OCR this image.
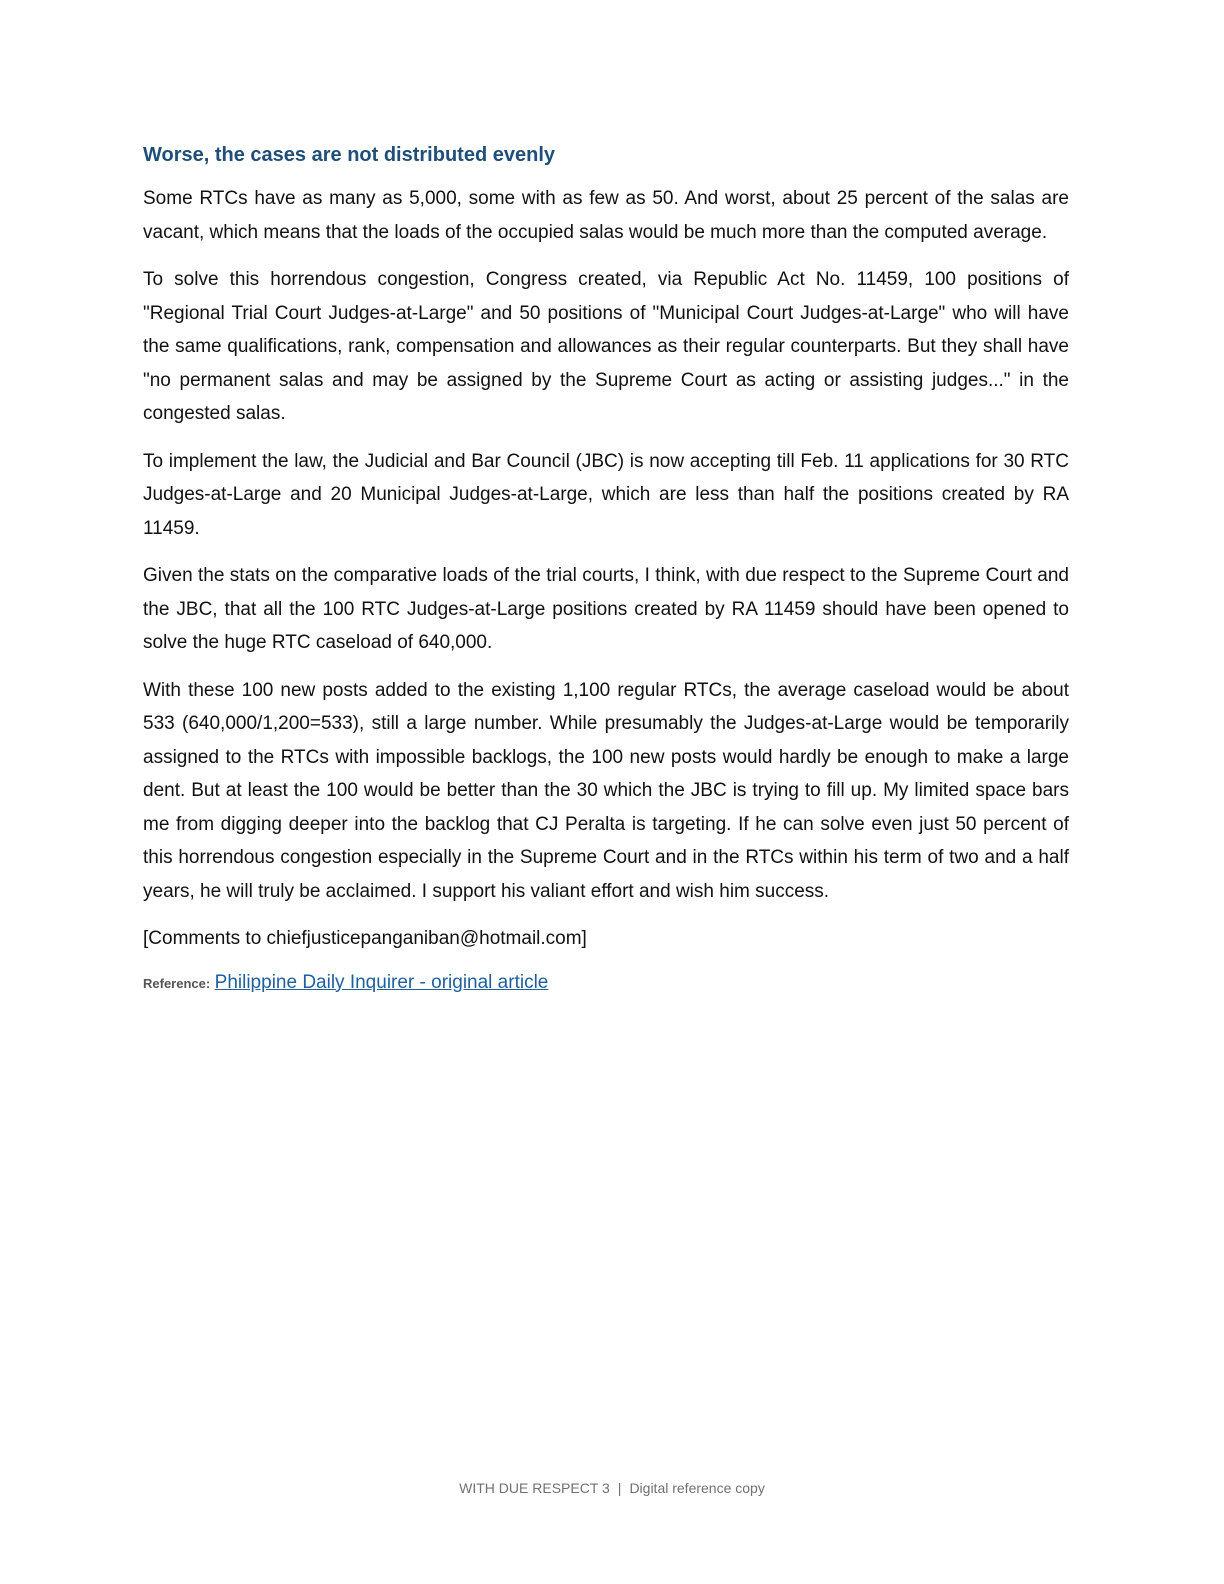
Worse, the cases are not distributed evenly

Some RTCs have as many as 5,000, some with as few as 50. And worst, about 25 percent of the salas are vacant, which means that the loads of the occupied salas would be much more than the computed average.

To solve this horrendous congestion, Congress created, via Republic Act No. 11459, 100 positions of "Regional Trial Court Judges-at-Large" and 50 positions of "Municipal Court Judges-at-Large" who will have the same qualifications, rank, compensation and allowances as their regular counterparts. But they shall have "no permanent salas and may be assigned by the Supreme Court as acting or assisting judges..." in the congested salas.

To implement the law, the Judicial and Bar Council (JBC) is now accepting till Feb. 11 applications for 30 RTC Judges-at-Large and 20 Municipal Judges-at-Large, which are less than half the positions created by RA 11459.

Given the stats on the comparative loads of the trial courts, I think, with due respect to the Supreme Court and the JBC, that all the 100 RTC Judges-at-Large positions created by RA 11459 should have been opened to solve the huge RTC caseload of 640,000.

With these 100 new posts added to the existing 1,100 regular RTCs, the average caseload would be about 533 (640,000/1,200=533), still a large number. While presumably the Judges-at-Large would be temporarily assigned to the RTCs with impossible backlogs, the 100 new posts would hardly be enough to make a large dent. But at least the 100 would be better than the 30 which the JBC is trying to fill up. My limited space bars me from digging deeper into the backlog that CJ Peralta is targeting. If he can solve even just 50 percent of this horrendous congestion especially in the Supreme Court and in the RTCs within his term of two and a half years, he will truly be acclaimed. I support his valiant effort and wish him success.

[Comments to chiefjusticepanganiban@hotmail.com]

Reference: Philippine Daily Inquirer - original article

WITH DUE RESPECT 3 | Digital reference copy
